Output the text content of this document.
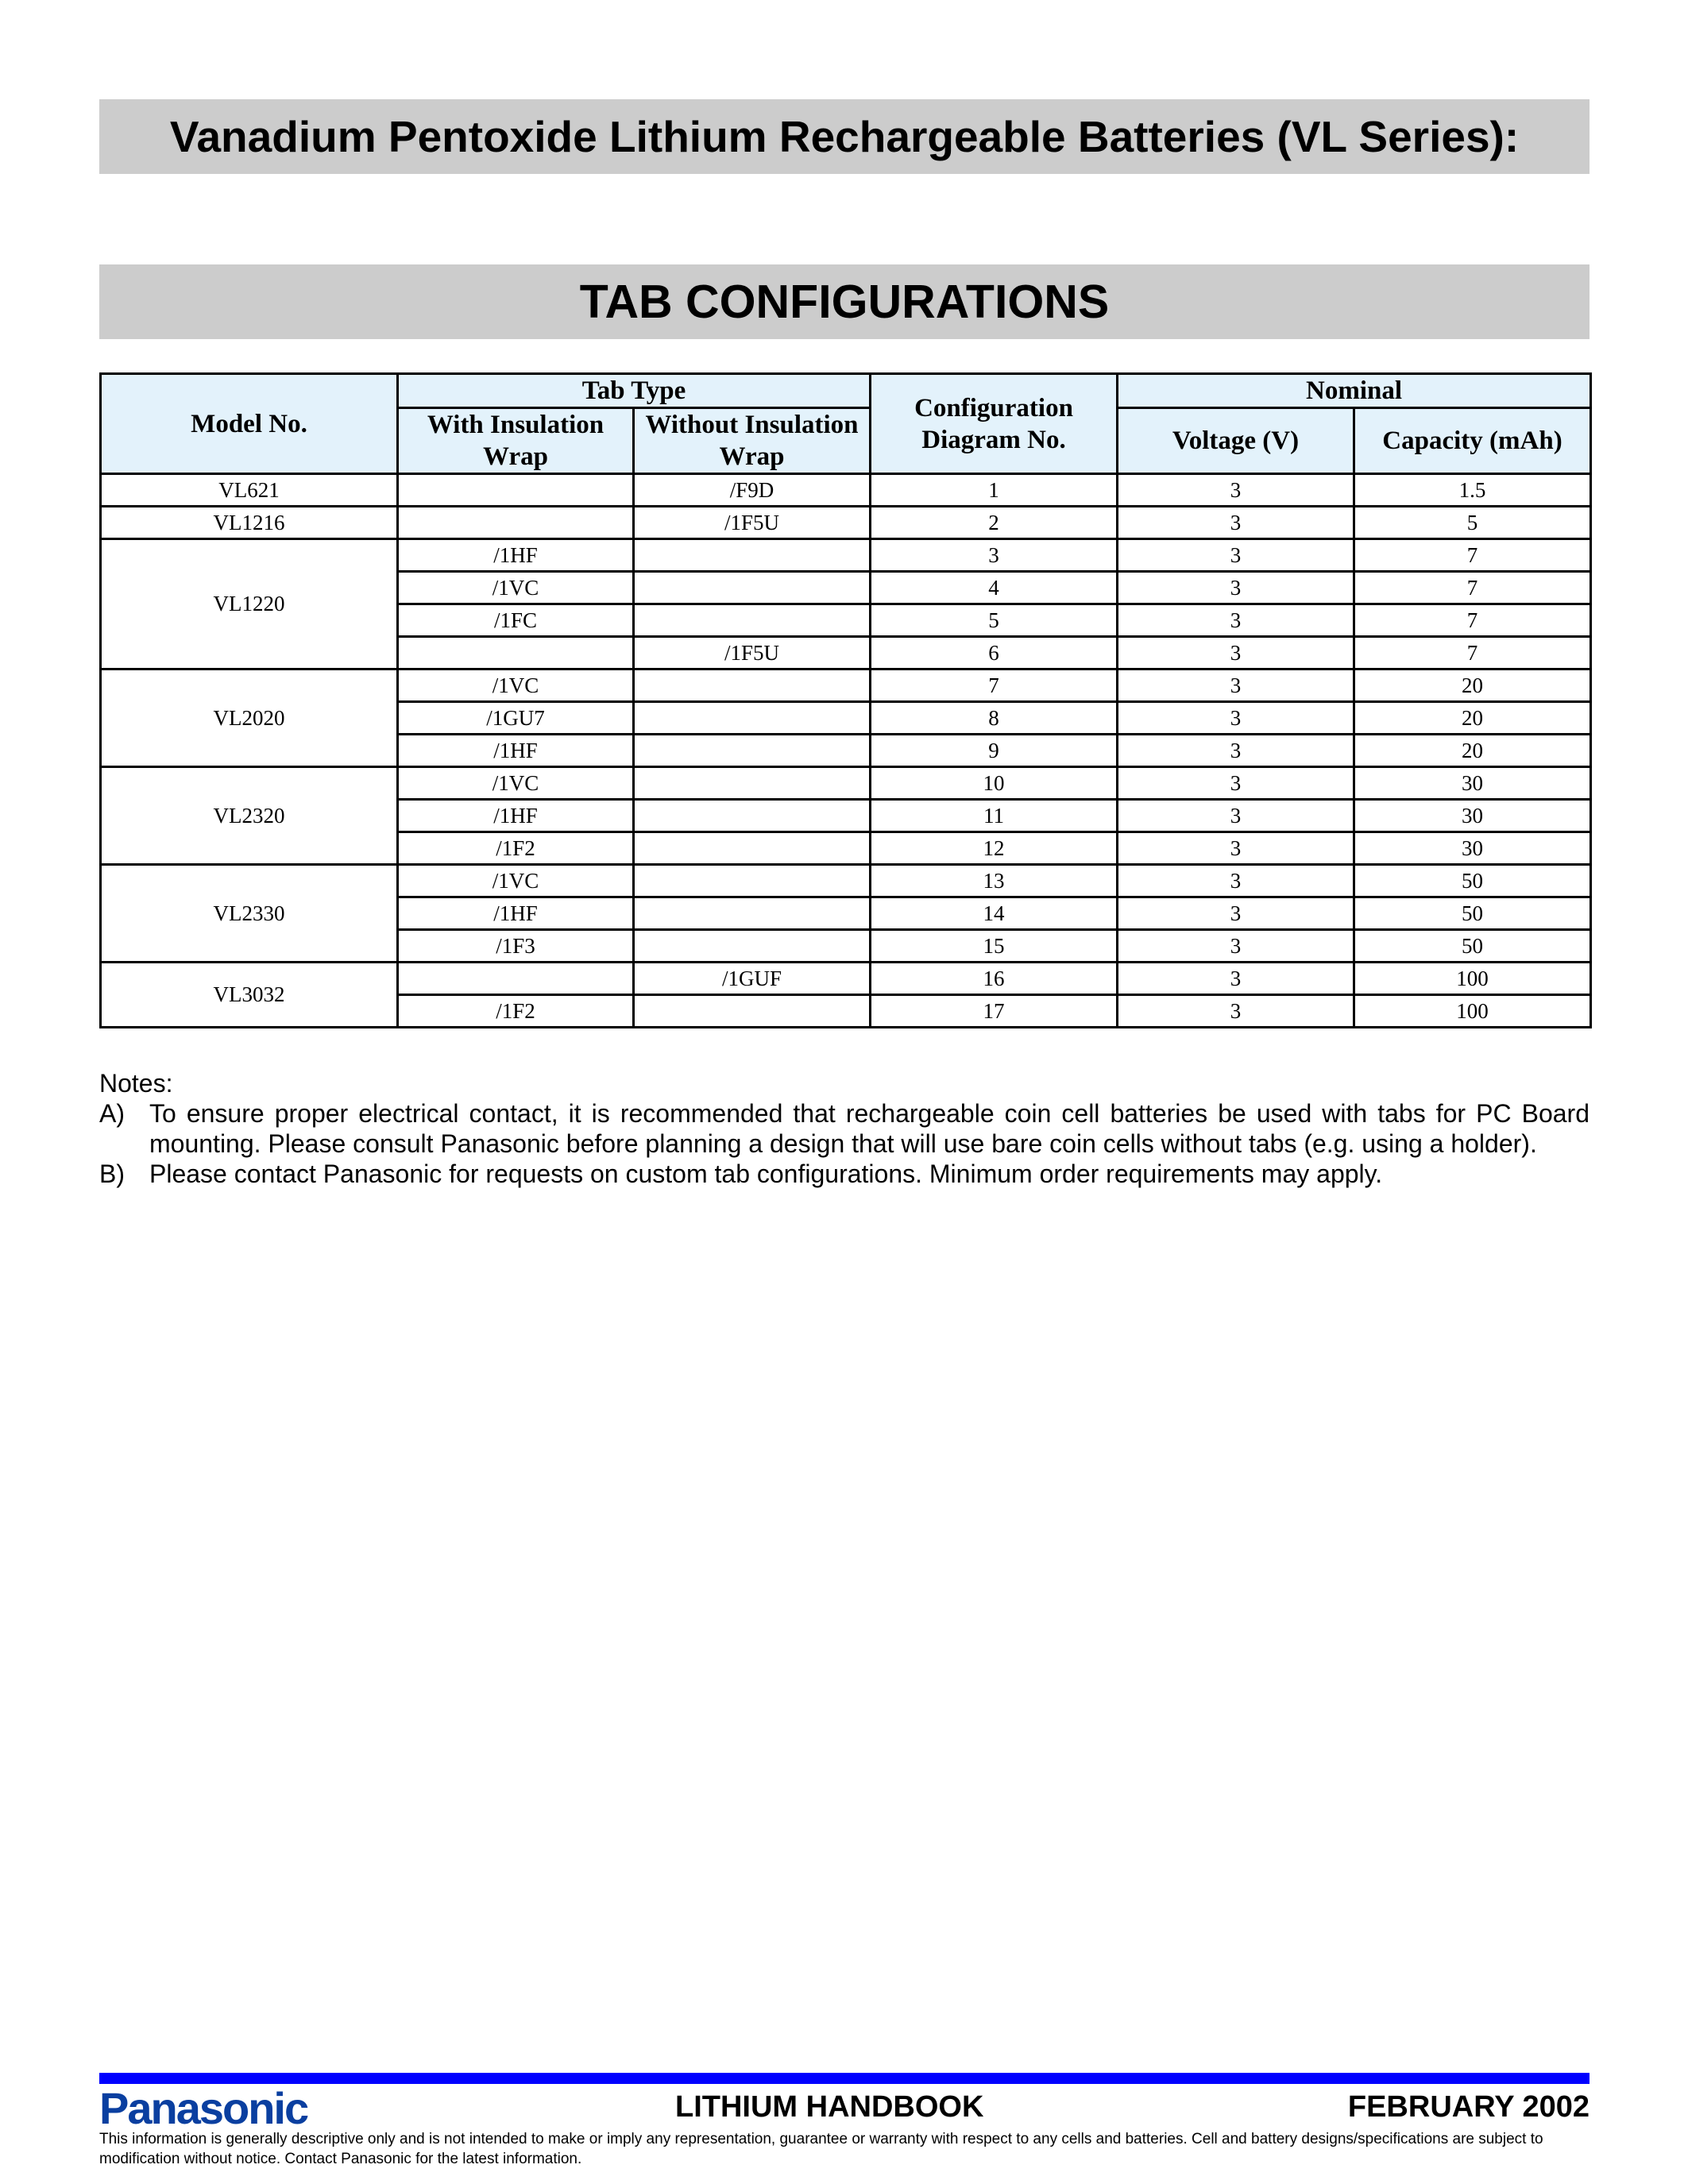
Vanadium Pentoxide Lithium Rechargeable Batteries (VL Series):
TAB CONFIGURATIONS
Model No.	Tab Type		Configuration Diagram No.	Nominal	
	With Insulation Wrap	Without Insulation Wrap		Voltage (V)	Capacity (mAh)

VL621		/F9D	1	3	1.5
VL1216		/1F5U	2	3	5
VL1220	/1HF		3	3	7
	/1VC		4	3	7
	/1FC		5	3	7
		/1F5U	6	3	7
VL2020	/1VC		7	3	20
	/1GU7		8	3	20
	/1HF		9	3	20
VL2320	/1VC		10	3	30
	/1HF		11	3	30
	/1F2		12	3	30
VL2330	/1VC		13	3	50
	/1HF		14	3	50
	/1F3		15	3	50
VL3032		/1GUF	16	3	100
	/1F2		17	3	100
Notes:
A) To ensure proper electrical contact, it is recommended that rechargeable coin cell batteries be used with tabs for PC Board mounting. Please consult Panasonic before planning a design that will use bare coin cells without tabs (e.g. using a holder).
B) Please contact Panasonic for requests on custom tab configurations. Minimum order requirements may apply.
Panasonic	LITHIUM HANDBOOK	FEBRUARY 2002
This information is generally descriptive only and is not intended to make or imply any representation, guarantee or warranty with respect to any cells and batteries. Cell and battery designs/specifications are subject to modification without notice. Contact Panasonic for the latest information.
